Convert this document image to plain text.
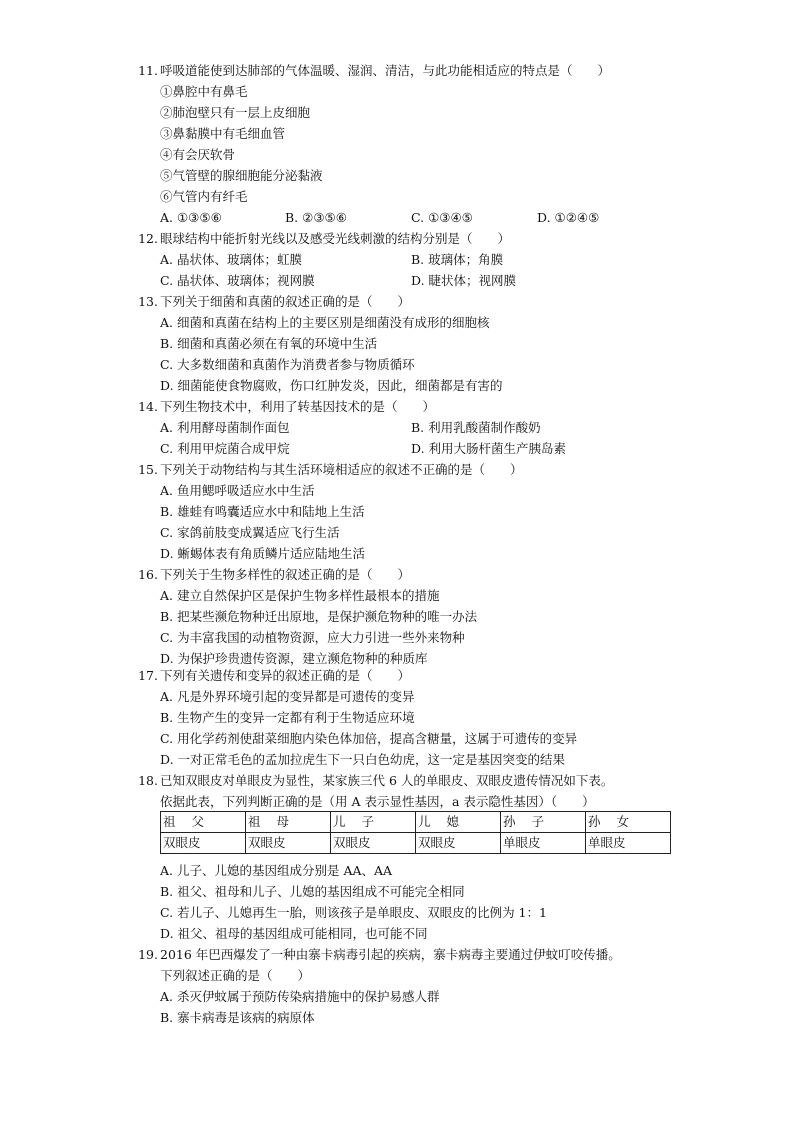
11. 呼吸道能使到达肺部的气体温暖、湿润、清洁，与此功能相适应的特点是（　　）
①鼻腔中有鼻毛
②肺泡壁只有一层上皮细胞
③鼻黏膜中有毛细血管
④有会厌软骨
⑤气管壁的腺细胞能分泌黏液
⑥气管内有纤毛
A. ①③⑤⑥	B. ②③⑤⑥	C. ①③④⑤	D. ①②④⑤
12. 眼球结构中能折射光线以及感受光线刺激的结构分别是（　　）
A. 晶状体、玻璃体；虹膜	B. 玻璃体；角膜
C. 晶状体、玻璃体；视网膜	D. 睫状体；视网膜
13. 下列关于细菌和真菌的叙述正确的是（　　）
A. 细菌和真菌在结构上的主要区别是细菌没有成形的细胞核
B. 细菌和真菌必须在有氧的环境中生活
C. 大多数细菌和真菌作为消费者参与物质循环
D. 细菌能使食物腐败，伤口红肿发炎，因此，细菌都是有害的
14. 下列生物技术中，利用了转基因技术的是（　　）
A. 利用酵母菌制作面包	B. 利用乳酸菌制作酸奶
C. 利用甲烷菌合成甲烷	D. 利用大肠杆菌生产胰岛素
15. 下列关于动物结构与其生活环境相适应的叙述不正确的是（　　）
A. 鱼用鳃呼吸适应水中生活
B. 雄蛙有鸣囊适应水中和陆地上生活
C. 家鸽前肢变成翼适应飞行生活
D. 蜥蜴体表有角质鳞片适应陆地生活
16. 下列关于生物多样性的叙述正确的是（　　）
A. 建立自然保护区是保护生物多样性最根本的措施
B. 把某些濒危物种迁出原地，是保护濒危物种的唯一办法
C. 为丰富我国的动植物资源，应大力引进一些外来物种
D. 为保护珍贵遗传资源，建立濒危物种的种质库
17. 下列有关遗传和变异的叙述正确的是（　　）
A. 凡是外界环境引起的变异都是可遗传的变异
B. 生物产生的变异一定都有利于生物适应环境
C. 用化学药剂使甜菜细胞内染色体加倍，提高含糖量，这属于可遗传的变异
D. 一对正常毛色的孟加拉虎生下一只白色幼虎，这一定是基因突变的结果
18. 已知双眼皮对单眼皮为显性，某家族三代 6 人的单眼皮、双眼皮遗传情况如下表。
依据此表，下列判断正确的是（用 A 表示显性基因，a 表示隐性基因）（　　）
祖父	祖母	儿子	儿媳	孙子	孙女
双眼皮	双眼皮	双眼皮	双眼皮	单眼皮	单眼皮
A. 儿子、儿媳的基因组成分别是 AA、AA
B. 祖父、祖母和儿子、儿媳的基因组成不可能完全相同
C. 若儿子、儿媳再生一胎，则该孩子是单眼皮、双眼皮的比例为 1：1
D. 祖父、祖母的基因组成可能相同，也可能不同
19. 2016 年巴西爆发了一种由寨卡病毒引起的疾病，寨卡病毒主要通过伊蚊叮咬传播。
下列叙述正确的是（　　）
A. 杀灭伊蚊属于预防传染病措施中的保护易感人群
B. 寨卡病毒是该病的病原体
